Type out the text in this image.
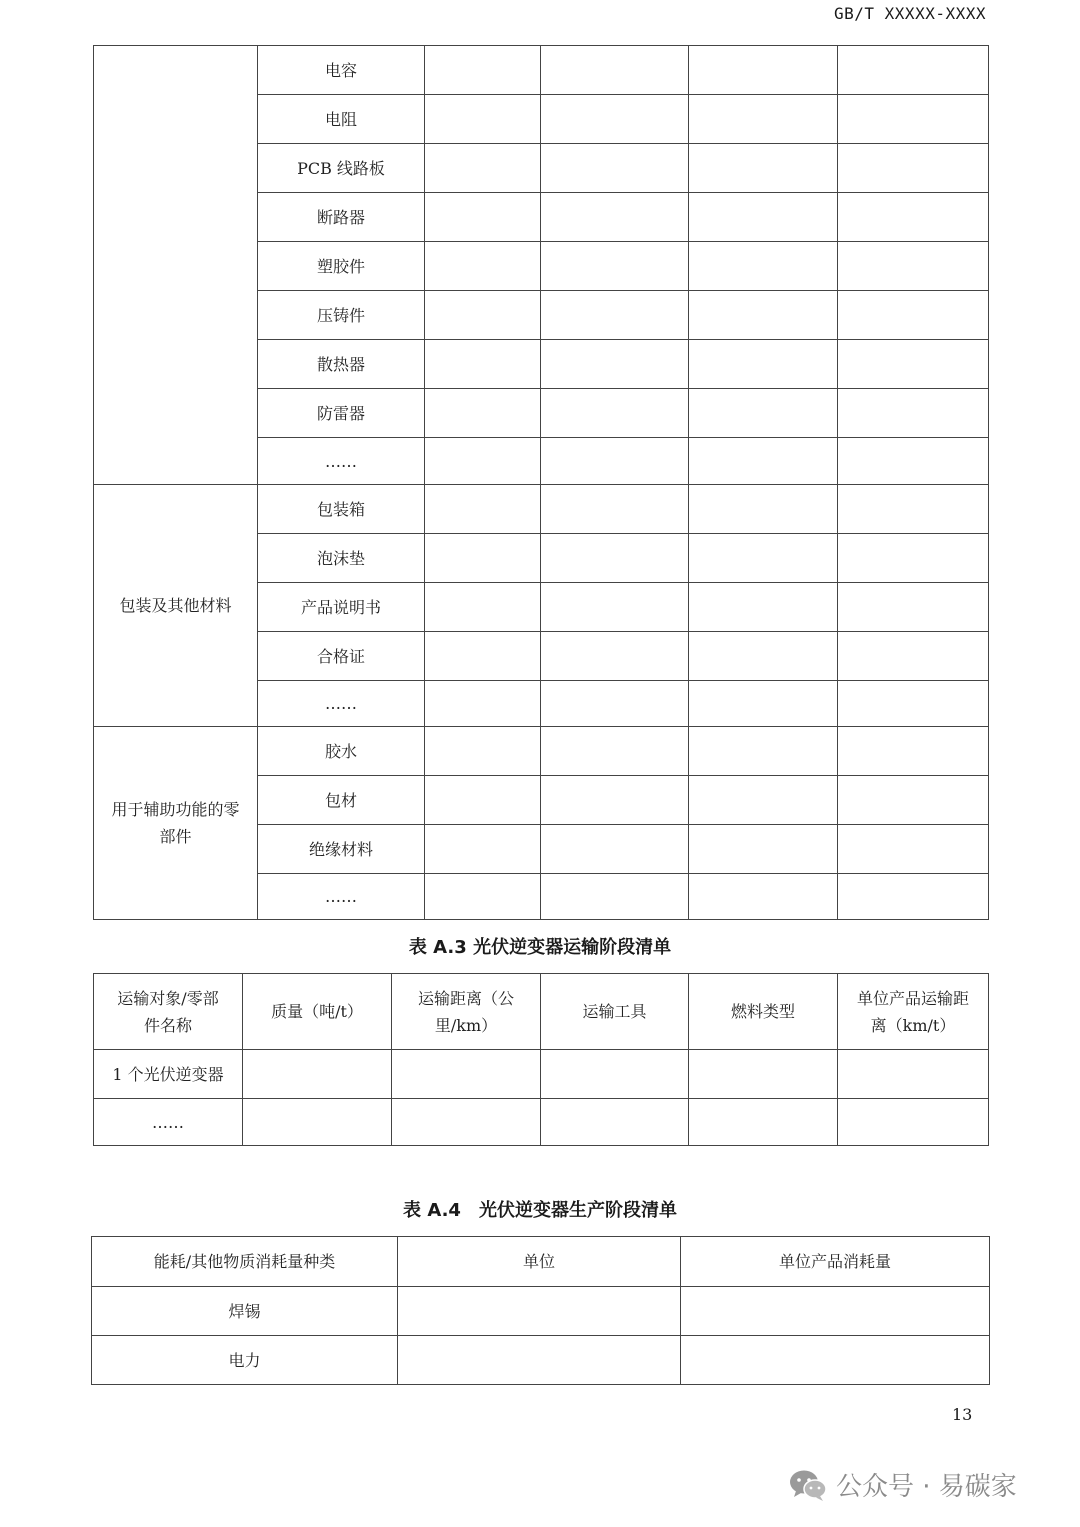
GB/T XXXXX-XXXX
	电容				
	电阻				
	PCB 线路板				
	断路器				
	塑胶件				
	压铸件				
	散热器				
	防雷器				
	……				
包装及其他材料	包装箱				
	泡沫垫				
	产品说明书				
	合格证				
	……				
用于辅助功能的零部件	胶水				
	包材				
	绝缘材料				
	……				
表 A.3 光伏逆变器运输阶段清单
运输对象/零部件名称	质量（吨/t）	运输距离（公里/km）	运输工具	燃料类型	单位产品运输距离（km/t）
1 个光伏逆变器					
……					
表 A.4　光伏逆变器生产阶段清单
能耗/其他物质消耗量种类	单位	单位产品消耗量
焊锡		
电力		
13
公众号 · 易碳家
